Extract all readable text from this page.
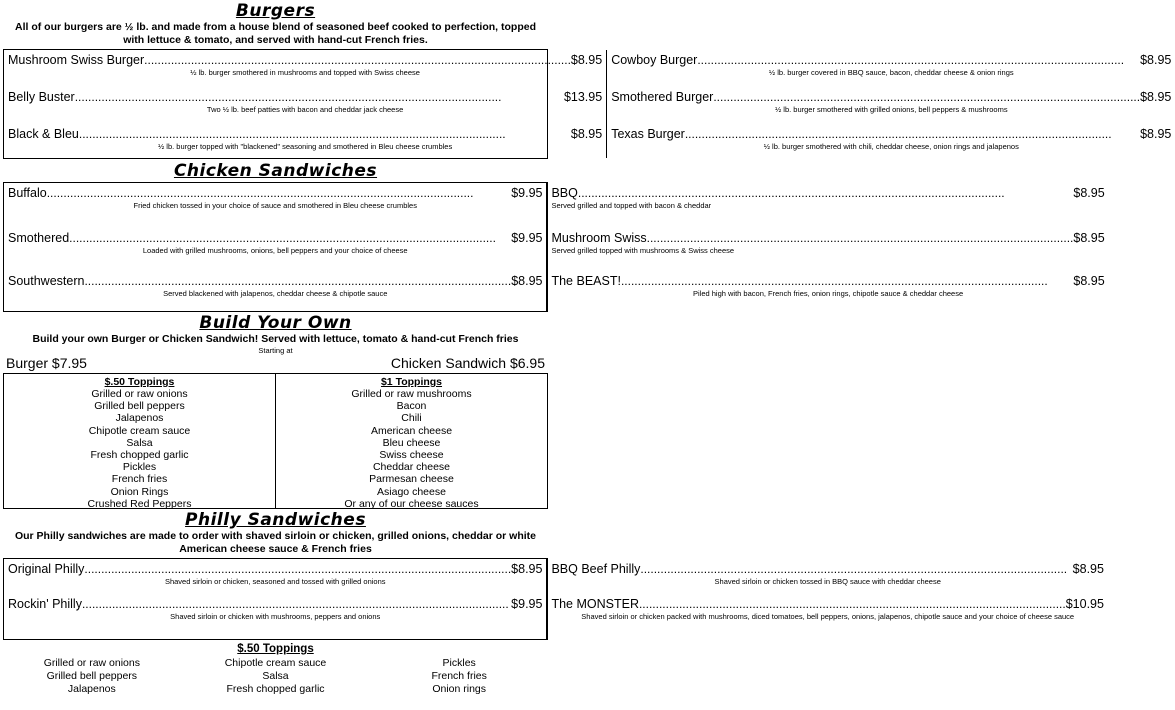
Burgers
All of our burgers are ½ lb. and made from a house blend of seasoned beef cooked to perfection, topped with lettuce & tomato, and served with hand-cut French fries.
Mushroom Swiss Burger .....	$8.95
½ lb. burger smothered in mushrooms and topped with Swiss cheese
Belly Buster .....	$13.95
Two ½ lb. beef patties with bacon and cheddar jack cheese
Black & Bleu .....	$8.95
½ lb. burger topped with "blackened" seasoning and smothered in Bleu cheese crumbles
Cowboy Burger .....	$8.95
½ lb. burger covered in BBQ sauce, bacon, cheddar cheese & onion rings
Smothered Burger .....	$8.95
½ lb. burger smothered with grilled onions, bell peppers & mushrooms
Texas Burger .....	$8.95
½ lb. burger smothered with chili, cheddar cheese, onion rings and jalapenos
Chicken Sandwiches
Buffalo .....	$9.95
Fried chicken tossed in your choice of sauce and smothered in Bleu cheese crumbles
Smothered .....	$9.95
Loaded with grilled mushrooms, onions, bell peppers and your choice of cheese
Southwestern .....	$8.95
Served blackened with jalapenos, cheddar cheese & chipotle sauce
BBQ .....	$8.95
Served grilled and topped with bacon & cheddar
Mushroom Swiss .....	$8.95
Served grilled topped with mushrooms & Swiss cheese
The BEAST! .....	$8.95
Piled high with bacon, French fries, onion rings, chipotle sauce & cheddar cheese
Build Your Own
Build your own Burger or Chicken Sandwich! Served with lettuce, tomato & hand-cut French fries
Starting at
Burger $7.95	Chicken Sandwich $6.95
$.50 Toppings
Grilled or raw onions
Grilled bell peppers
Jalapenos
Chipotle cream sauce
Salsa
Fresh chopped garlic
Pickles
French fries
Onion Rings
Crushed Red Peppers
$1 Toppings
Grilled or raw mushrooms
Bacon
Chili
American cheese
Bleu cheese
Swiss cheese
Cheddar cheese
Parmesan cheese
Asiago cheese
Or any of our cheese sauces
Philly Sandwiches
Our Philly sandwiches are made to order with shaved sirloin or chicken, grilled onions, cheddar or white American cheese sauce & French fries
Original Philly .....	$8.95
Shaved sirloin or chicken, seasoned and tossed with grilled onions
Rockin' Philly .....	$9.95
Shaved sirloin or chicken with mushrooms, peppers and onions
BBQ Beef Philly .....	$8.95
Shaved sirloin or chicken tossed in BBQ sauce with cheddar cheese
The MONSTER .....	$10.95
Shaved sirloin or chicken packed with mushrooms, diced tomatoes, bell peppers, onions, jalapenos, chipotle sauce and your choice of cheese sauce
$.50 Toppings
Grilled or raw onions
Grilled bell peppers
Jalapenos
Chipotle cream sauce
Salsa
Fresh chopped garlic
Pickles
French fries
Onion rings
